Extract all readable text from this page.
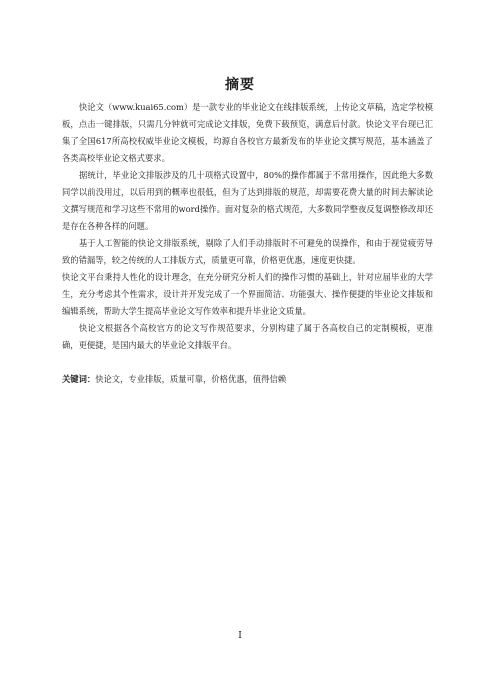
摘要

快论文（www.kuai65.com）是一款专业的毕业论文在线排版系统，上传论文草稿，选定学校模板，点击一键排版，只需几分钟就可完成论文排版，免费下载预览，满意后付款。快论文平台现已汇集了全国617所高校权威毕业论文模板，均源自各校官方最新发布的毕业论文撰写规范，基本涵盖了各类高校毕业论文格式要求。

据统计，毕业论文排版涉及的几十项格式设置中，80%的操作都属于不常用操作，因此绝大多数同学以前没用过，以后用到的概率也很低，但为了达到排版的规范，却需要花费大量的时间去解读论文撰写规范和学习这些不常用的word操作。面对复杂的格式规范，大多数同学整夜反复调整修改却还是存在各种各样的问题。

基于人工智能的快论文排版系统，剔除了人们手动排版时不可避免的误操作，和由于视觉疲劳导致的错漏等，较之传统的人工排版方式，质量更可靠，价格更优惠，速度更快捷。

快论文平台秉持人性化的设计理念，在充分研究分析人们的操作习惯的基础上，针对应届毕业的大学生，充分考虑其个性需求，设计并开发完成了一个界面简洁、功能强大、操作便捷的毕业论文排版和编辑系统，帮助大学生提高毕业论文写作效率和提升毕业论文质量。

快论文根据各个高校官方的论文写作规范要求，分别构建了属于各高校自己的定制模板，更准确，更便捷，是国内最大的毕业论文排版平台。

关键词：快论文，专业排版，质量可靠，价格优惠，值得信赖

I
